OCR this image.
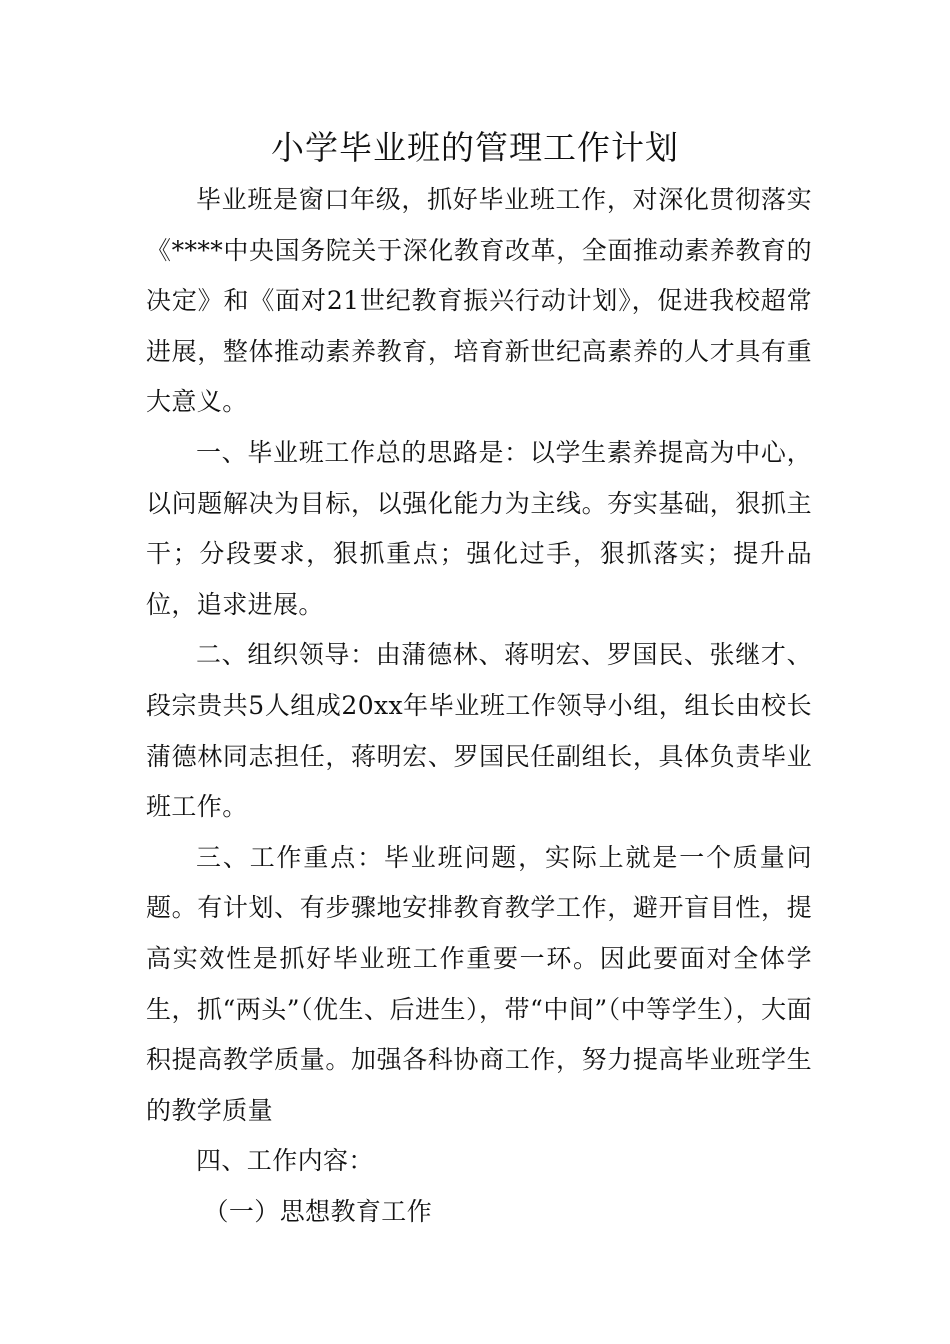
小学毕业班的管理工作计划

毕业班是窗口年级，抓好毕业班工作，对深化贯彻落实《****中央国务院关于深化教育改革，全面推动素养教育的决定》和《面对21世纪教育振兴行动计划》，促进我校超常进展，整体推动素养教育，培育新世纪高素养的人才具有重大意义。

一、毕业班工作总的思路是：以学生素养提高为中心，以问题解决为目标，以强化能力为主线。夯实基础，狠抓主干；分段要求，狠抓重点；强化过手，狠抓落实；提升品位，追求进展。

二、组织领导：由蒲德林、蒋明宏、罗国民、张继才、段宗贵共5人组成20xx年毕业班工作领导小组，组长由校长蒲德林同志担任，蒋明宏、罗国民任副组长，具体负责毕业班工作。

三、工作重点：毕业班问题，实际上就是一个质量问题。有计划、有步骤地安排教育教学工作，避开盲目性，提高实效性是抓好毕业班工作重要一环。因此要面对全体学生，抓“两头”（优生、后进生），带“中间”（中等学生），大面积提高教学质量。加强各科协商工作，努力提高毕业班学生的教学质量

四、工作内容：

（一）思想教育工作
